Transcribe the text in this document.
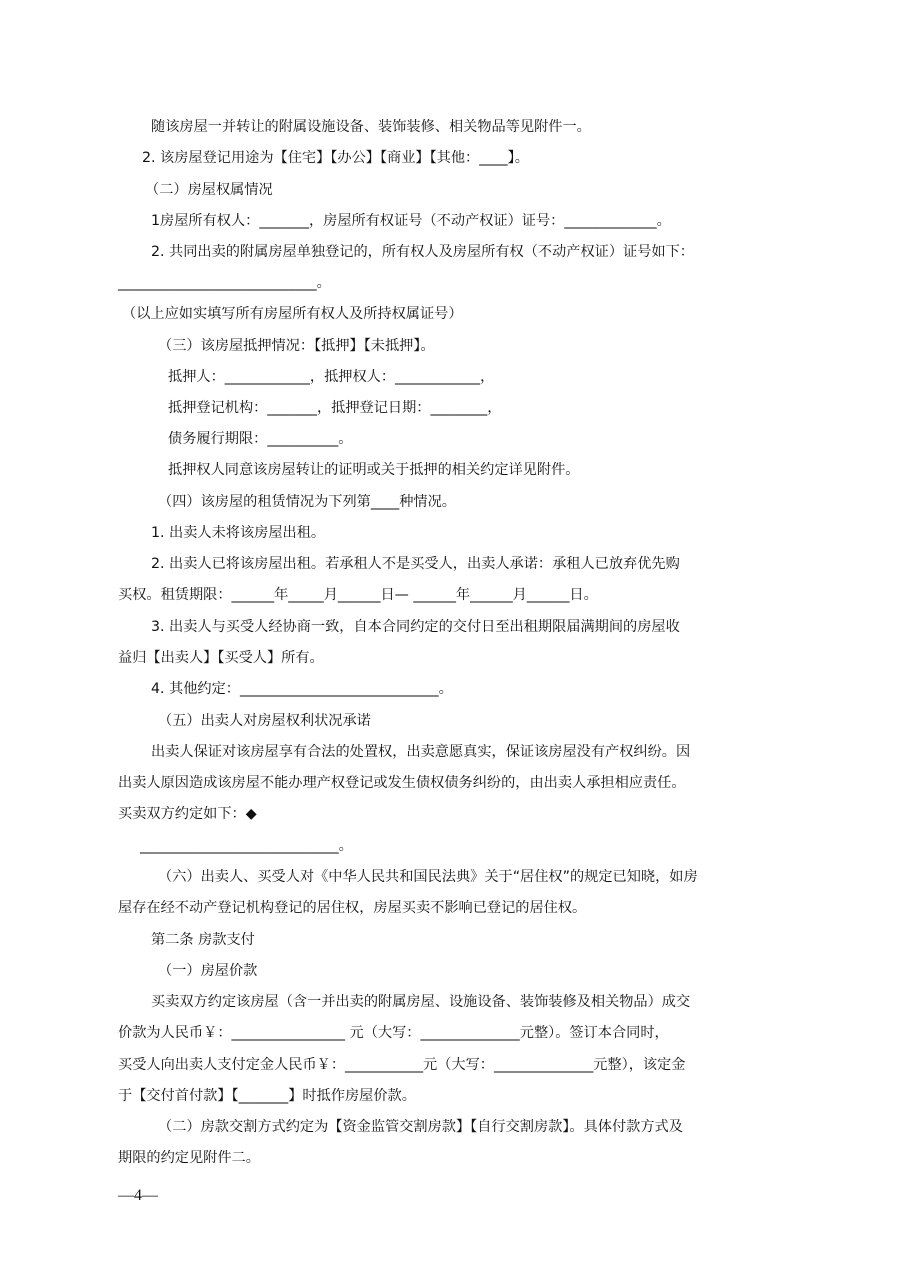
随该房屋一并转让的附属设施设备、装饰装修、相关物品等见附件一。
2. 该房屋登记用途为【住宅】【办公】【商业】【其他：____】。
（二）房屋权属情况
1房屋所有权人：_______，房屋所有权证号（不动产权证）证号：_____________。
2. 共同出卖的附属房屋单独登记的，所有权人及房屋所有权（不动产权证）证号如下：
____________________________。
（以上应如实填写所有房屋所有权人及所持权属证号）
（三）该房屋抵押情况：【抵押】【未抵押】。
抵押人：____________，抵押权人：____________，
抵押登记机构：_______，抵押登记日期：________，
债务履行期限：__________。
抵押权人同意该房屋转让的证明或关于抵押的相关约定详见附件。
（四）该房屋的租赁情况为下列第____种情况。
1. 出卖人未将该房屋出租。
2. 出卖人已将该房屋出租。若承租人不是买受人，出卖人承诺：承租人已放弃优先购
买权。租赁期限：______年_____月______日— ______年______月______日。
3. 出卖人与买受人经协商一致，自本合同约定的交付日至出租期限届满期间的房屋收
益归【出卖人】【买受人】所有。
4. 其他约定：____________________________。
（五）出卖人对房屋权利状况承诺
出卖人保证对该房屋享有合法的处置权，出卖意愿真实，保证该房屋没有产权纠纷。因
出卖人原因造成该房屋不能办理产权登记或发生债权债务纠纷的，由出卖人承担相应责任。
买卖双方约定如下：◆
____________________________。
（六）出卖人、买受人对《中华人民共和国民法典》关于“居住权”的规定已知晓，如房
屋存在经不动产登记机构登记的居住权，房屋买卖不影响已登记的居住权。
第二条 房款支付
（一）房屋价款
买卖双方约定该房屋（含一并出卖的附属房屋、设施设备、装饰装修及相关物品）成交
价款为人民币￥：________________ 元（大写：______________元整）。签订本合同时，
买受人向出卖人支付定金人民币￥：___________元（大写：______________元整），该定金
于【交付首付款】【_______】时抵作房屋价款。
（二）房款交割方式约定为【资金监管交割房款】【自行交割房款】。具体付款方式及
期限的约定见附件二。
—4—
